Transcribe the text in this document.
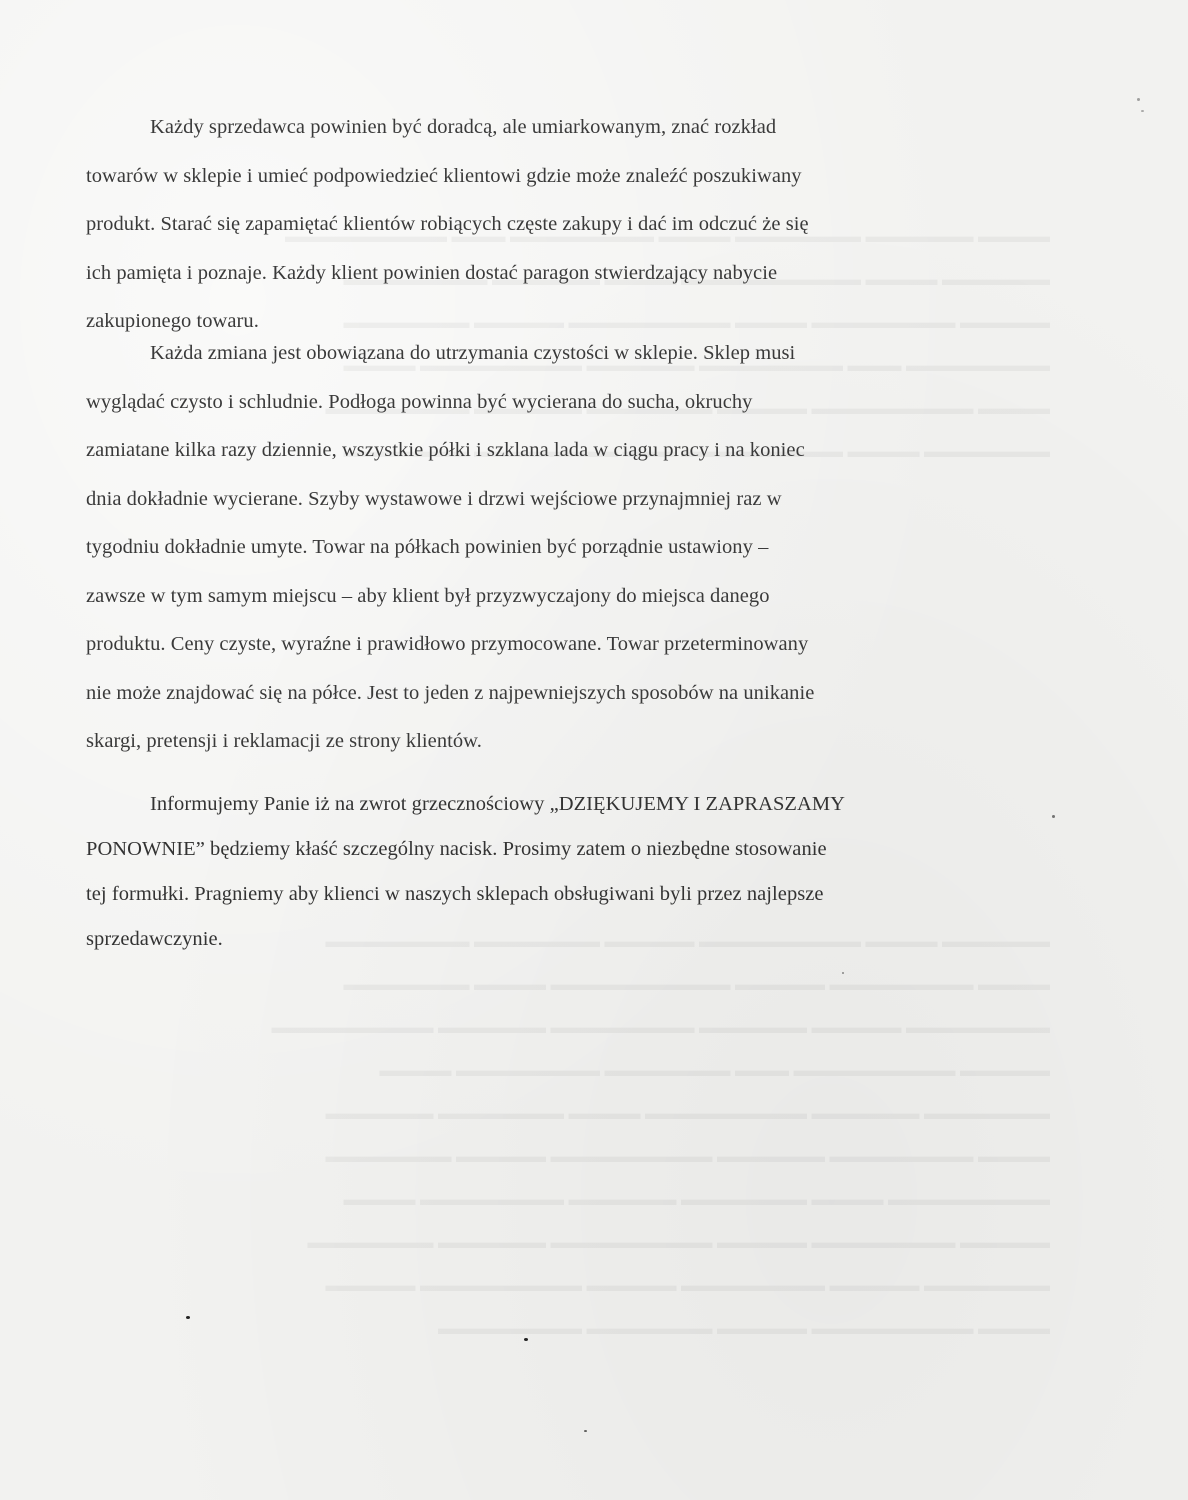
Każdy sprzedawca powinien być doradcą, ale umiarkowanym, znać rozkład
towarów w sklepie i umieć podpowiedzieć klientowi gdzie może znaleźć poszukiwany
produkt. Starać się zapamiętać klientów robiących częste zakupy i dać im odczuć że się
ich pamięta i poznaje. Każdy klient powinien dostać paragon stwierdzający nabycie
zakupionego towaru.
Każda zmiana jest obowiązana do utrzymania czystości w sklepie. Sklep musi
wyglądać czysto i schludnie. Podłoga powinna być wycierana do sucha, okruchy
zamiatane kilka razy dziennie, wszystkie półki i szklana lada w ciągu pracy i na koniec
dnia dokładnie wycierane. Szyby wystawowe i drzwi wejściowe przynajmniej raz w
tygodniu dokładnie umyte. Towar na półkach powinien być porządnie ustawiony –
zawsze w tym samym miejscu – aby klient był przyzwyczajony do miejsca danego
produktu. Ceny czyste, wyraźne i prawidłowo przymocowane. Towar przeterminowany
nie może znajdować się na półce. Jest to jeden z najpewniejszych sposobów na unikanie
skargi, pretensji i reklamacji ze strony klientów.
Informujemy Panie iż na zwrot grzecznościowy „DZIĘKUJEMY I ZAPRASZAMY
PONOWNIE” będziemy kłaść szczególny nacisk. Prosimy zatem o niezbędne stosowanie
tej formułki. Pragniemy aby klienci w naszych sklepach obsługiwani byli przez najlepsze
sprzedawczynie.
